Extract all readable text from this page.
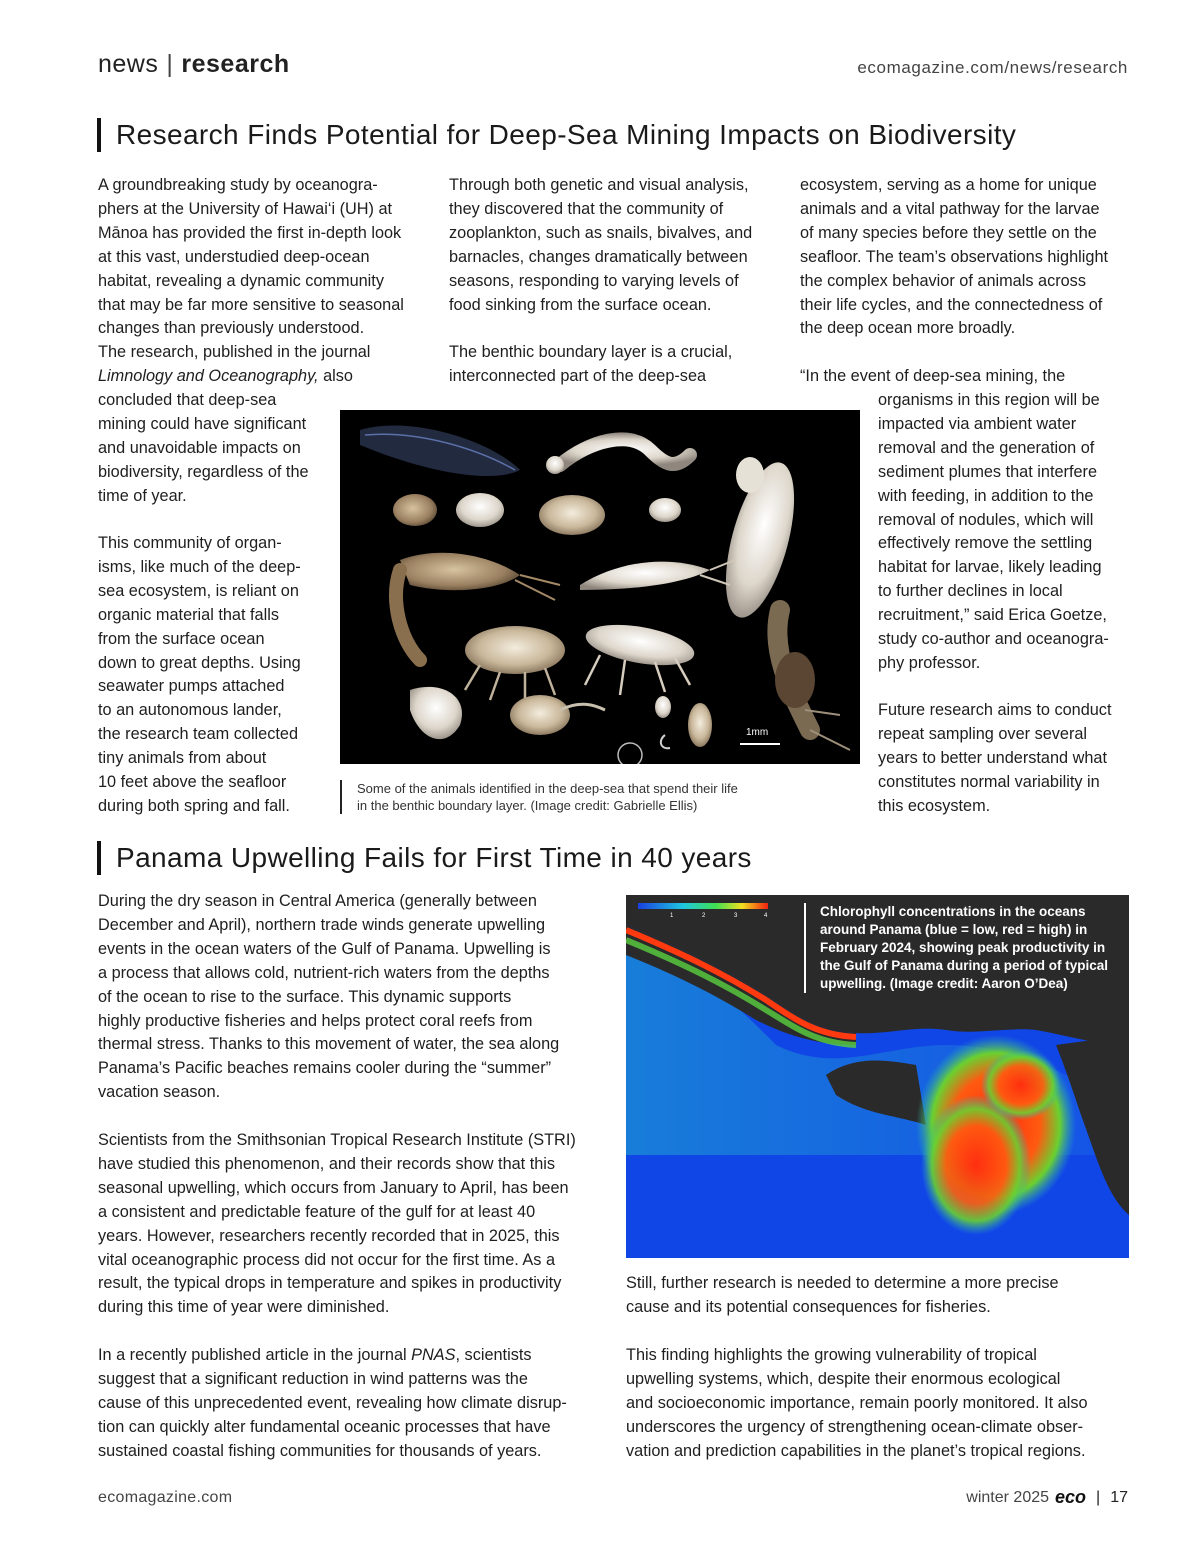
news | research	ecomagazine.com/news/research
Research Finds Potential for Deep-Sea Mining Impacts on Biodiversity
A groundbreaking study by oceanogra-
phers at the University of Hawai‘i (UH) at
Mānoa has provided the first in-depth look
at this vast, understudied deep-ocean
habitat, revealing a dynamic community
that may be far more sensitive to seasonal
changes than previously understood.
The research, published in the journal
Limnology and Oceanography, also
concluded that deep-sea
mining could have significant
and unavoidable impacts on
biodiversity, regardless of the
time of year.
This community of organ-
isms, like much of the deep-
sea ecosystem, is reliant on
organic material that falls
from the surface ocean
down to great depths. Using
seawater pumps attached
to an autonomous lander,
the research team collected
tiny animals from about
10 feet above the seafloor
during both spring and fall.
Through both genetic and visual analysis,
they discovered that the community of
zooplankton, such as snails, bivalves, and
barnacles, changes dramatically between
seasons, responding to varying levels of
food sinking from the surface ocean.
The benthic boundary layer is a crucial,
interconnected part of the deep-sea
ecosystem, serving as a home for unique
animals and a vital pathway for the larvae
of many species before they settle on the
seafloor. The team’s observations highlight
the complex behavior of animals across
their life cycles, and the connectedness of
the deep ocean more broadly.
“In the event of deep-sea mining, the
organisms in this region will be
impacted via ambient water
removal and the generation of
sediment plumes that interfere
with feeding, in addition to the
removal of nodules, which will
effectively remove the settling
habitat for larvae, likely leading
to further declines in local
recruitment,” said Erica Goetze,
study co-author and oceanogra-
phy professor.
Future research aims to conduct
repeat sampling over several
years to better understand what
constitutes normal variability in
this ecosystem.
1mm
Some of the animals identified in the deep-sea that spend their life
in the benthic boundary layer. (Image credit: Gabrielle Ellis)
Panama Upwelling Fails for First Time in 40 years
During the dry season in Central America (generally between
December and April), northern trade winds generate upwelling
events in the ocean waters of the Gulf of Panama. Upwelling is
a process that allows cold, nutrient-rich waters from the depths
of the ocean to rise to the surface. This dynamic supports
highly productive fisheries and helps protect coral reefs from
thermal stress. Thanks to this movement of water, the sea along
Panama’s Pacific beaches remains cooler during the “summer”
vacation season.
Scientists from the Smithsonian Tropical Research Institute (STRI)
have studied this phenomenon, and their records show that this
seasonal upwelling, which occurs from January to April, has been
a consistent and predictable feature of the gulf for at least 40
years. However, researchers recently recorded that in 2025, this
vital oceanographic process did not occur for the first time. As a
result, the typical drops in temperature and spikes in productivity
during this time of year were diminished.
In a recently published article in the journal PNAS, scientists
suggest that a significant reduction in wind patterns was the
cause of this unprecedented event, revealing how climate disrup-
tion can quickly alter fundamental oceanic processes that have
sustained coastal fishing communities for thousands of years.
1	2	3	4	Chlorophyll concentrations in the oceans
around Panama (blue = low, red = high) in
February 2024, showing peak productivity in
the Gulf of Panama during a period of typical
upwelling. (Image credit: Aaron O’Dea)
Still, further research is needed to determine a more precise
cause and its potential consequences for fisheries.
This finding highlights the growing vulnerability of tropical
upwelling systems, which, despite their enormous ecological
and socioeconomic importance, remain poorly monitored. It also
underscores the urgency of strengthening ocean-climate obser-
vation and prediction capabilities in the planet’s tropical regions.
ecomagazine.com	winter 2025 eco | 17
